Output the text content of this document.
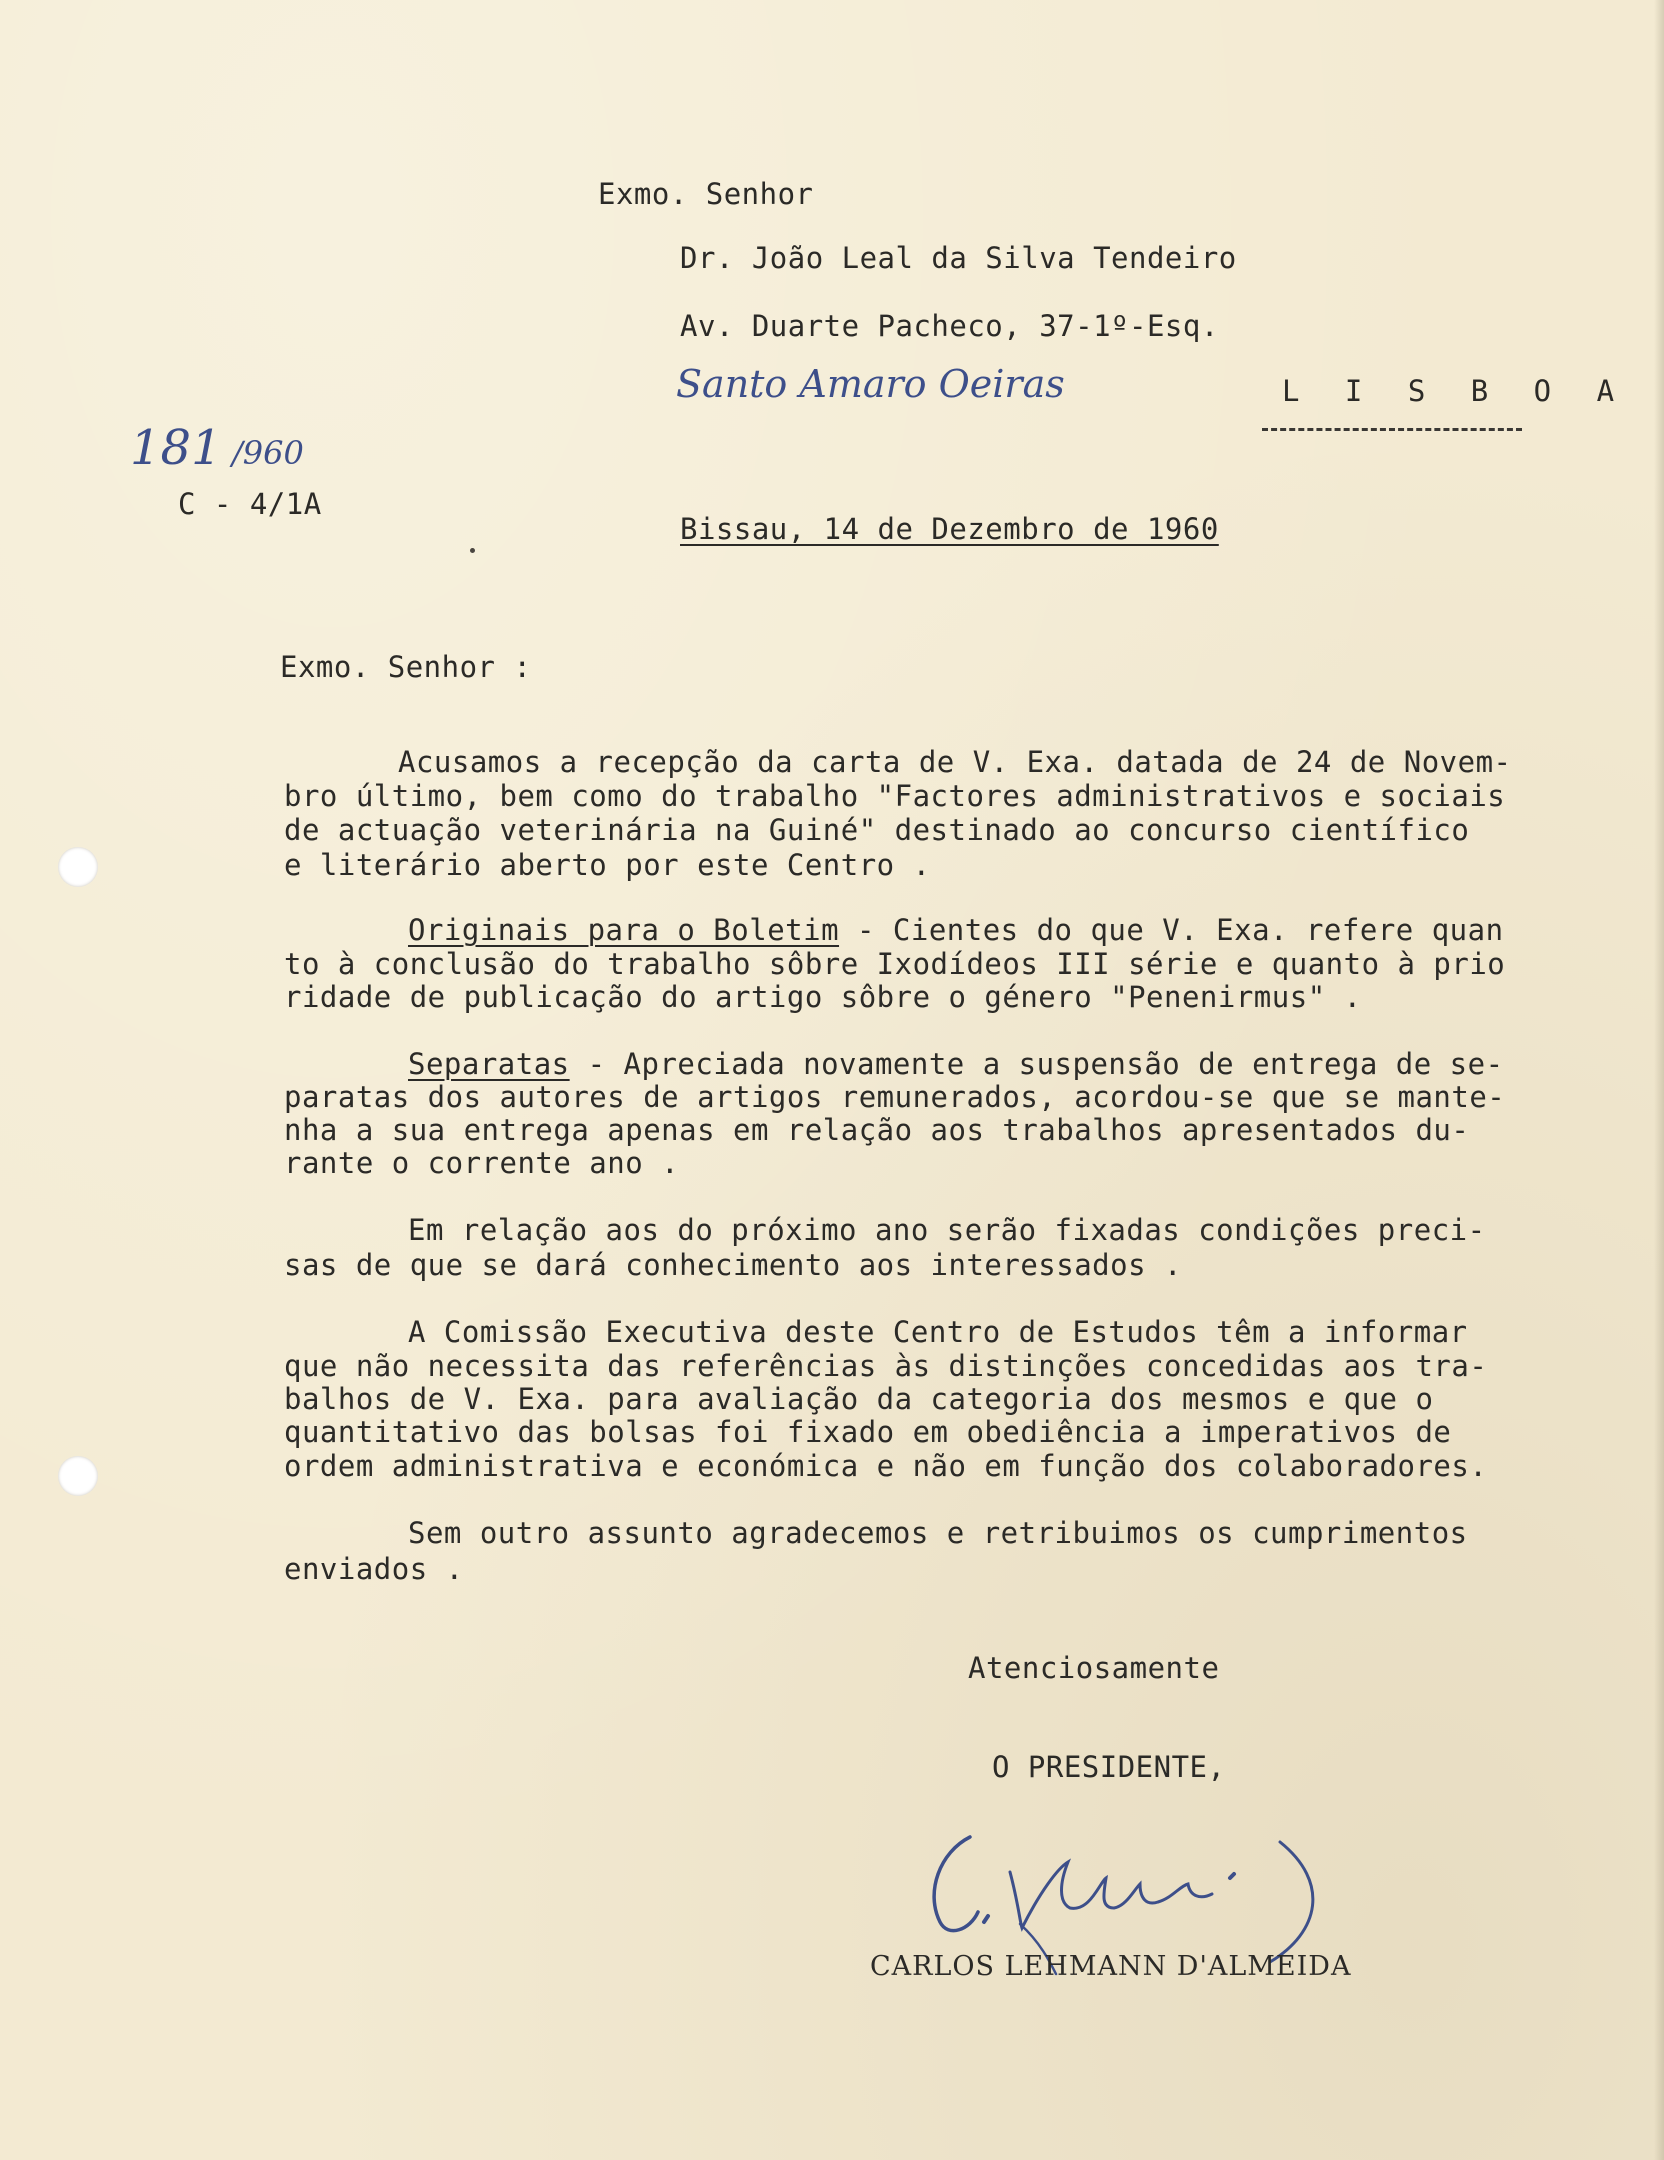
Exmo. Senhor
Dr. João Leal da Silva Tendeiro
Av. Duarte Pacheco, 37-1º-Esq.
Santo Amaro Oeiras	L I S B O A
181 /960
C - 4/1A
Bissau, 14 de Dezembro de 1960
Exmo. Senhor :
Acusamos a recepção da carta de V. Exa. datada de 24 de Novem-
bro último, bem como do trabalho "Factores administrativos e sociais
de actuação veterinária na Guiné" destinado ao concurso científico
e literário aberto por este Centro .
Originais para o Boletim - Cientes do que V. Exa. refere quan
to à conclusão do trabalho sôbre Ixodídeos III série e quanto à prio
ridade de publicação do artigo sôbre o género "Penenirmus" .
Separatas - Apreciada novamente a suspensão de entrega de se-
paratas dos autores de artigos remunerados, acordou-se que se mante-
nha a sua entrega apenas em relação aos trabalhos apresentados du-
rante o corrente ano .
Em relação aos do próximo ano serão fixadas condições preci-
sas de que se dará conhecimento aos interessados .
A Comissão Executiva deste Centro de Estudos têm a informar
que não necessita das referências às distinções concedidas aos tra-
balhos de V. Exa. para avaliação da categoria dos mesmos e que o
quantitativo das bolsas foi fixado em obediência a imperativos de
ordem administrativa e económica e não em função dos colaboradores.
Sem outro assunto agradecemos e retribuimos os cumprimentos
enviados .
Atenciosamente
O PRESIDENTE,
CARLOS LEHMANN D'ALMEIDA
